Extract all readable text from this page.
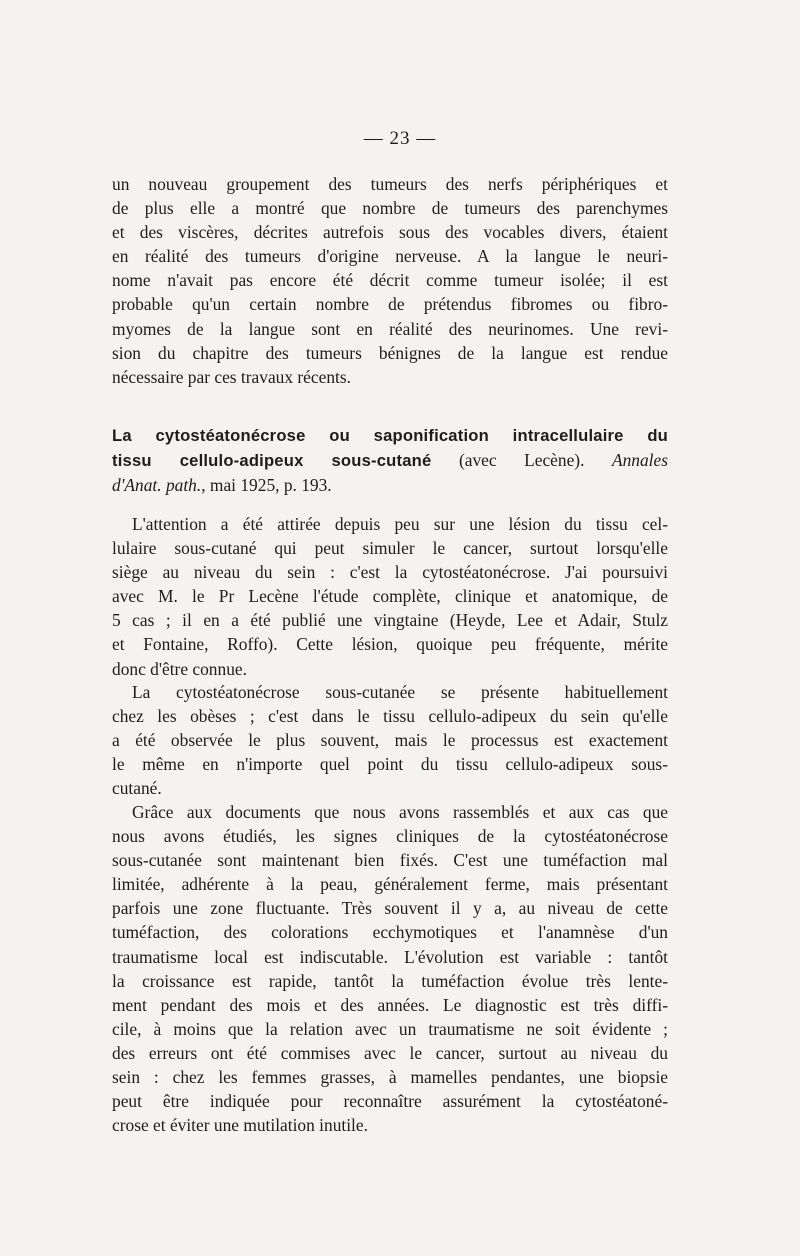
— 23 —
un nouveau groupement des tumeurs des nerfs périphériques et
de plus elle a montré que nombre de tumeurs des parenchymes
et des viscères, décrites autrefois sous des vocables divers, étaient
en réalité des tumeurs d'origine nerveuse. A la langue le neuri-
nome n'avait pas encore été décrit comme tumeur isolée; il est
probable qu'un certain nombre de prétendus fibromes ou fibro-
myomes de la langue sont en réalité des neurinomes. Une revi-
sion du chapitre des tumeurs bénignes de la langue est rendue
nécessaire par ces travaux récents.
La cytostéatonécrose ou saponification intracellulaire du
tissu cellulo-adipeux sous-cutané (avec Lecène). Annales
d'Anat. path., mai 1925, p. 193.
L'attention a été attirée depuis peu sur une lésion du tissu cel-
lulaire sous-cutané qui peut simuler le cancer, surtout lorsqu'elle
siège au niveau du sein : c'est la cytostéatonécrose. J'ai poursuivi
avec M. le Pr Lecène l'étude complète, clinique et anatomique, de
5 cas ; il en a été publié une vingtaine (Heyde, Lee et Adair, Stulz
et Fontaine, Roffo). Cette lésion, quoique peu fréquente, mérite
donc d'être connue.
La cytostéatonécrose sous-cutanée se présente habituellement
chez les obèses ; c'est dans le tissu cellulo-adipeux du sein qu'elle
a été observée le plus souvent, mais le processus est exactement
le même en n'importe quel point du tissu cellulo-adipeux sous-
cutané.
Grâce aux documents que nous avons rassemblés et aux cas que
nous avons étudiés, les signes cliniques de la cytostéatonécrose
sous-cutanée sont maintenant bien fixés. C'est une tuméfaction mal
limitée, adhérente à la peau, généralement ferme, mais présentant
parfois une zone fluctuante. Très souvent il y a, au niveau de cette
tuméfaction, des colorations ecchymotiques et l'anamnèse d'un
traumatisme local est indiscutable. L'évolution est variable : tantôt
la croissance est rapide, tantôt la tuméfaction évolue très lente-
ment pendant des mois et des années. Le diagnostic est très diffi-
cile, à moins que la relation avec un traumatisme ne soit évidente ;
des erreurs ont été commises avec le cancer, surtout au niveau du
sein : chez les femmes grasses, à mamelles pendantes, une biopsie
peut être indiquée pour reconnaître assurément la cytostéatoné-
crose et éviter une mutilation inutile.
